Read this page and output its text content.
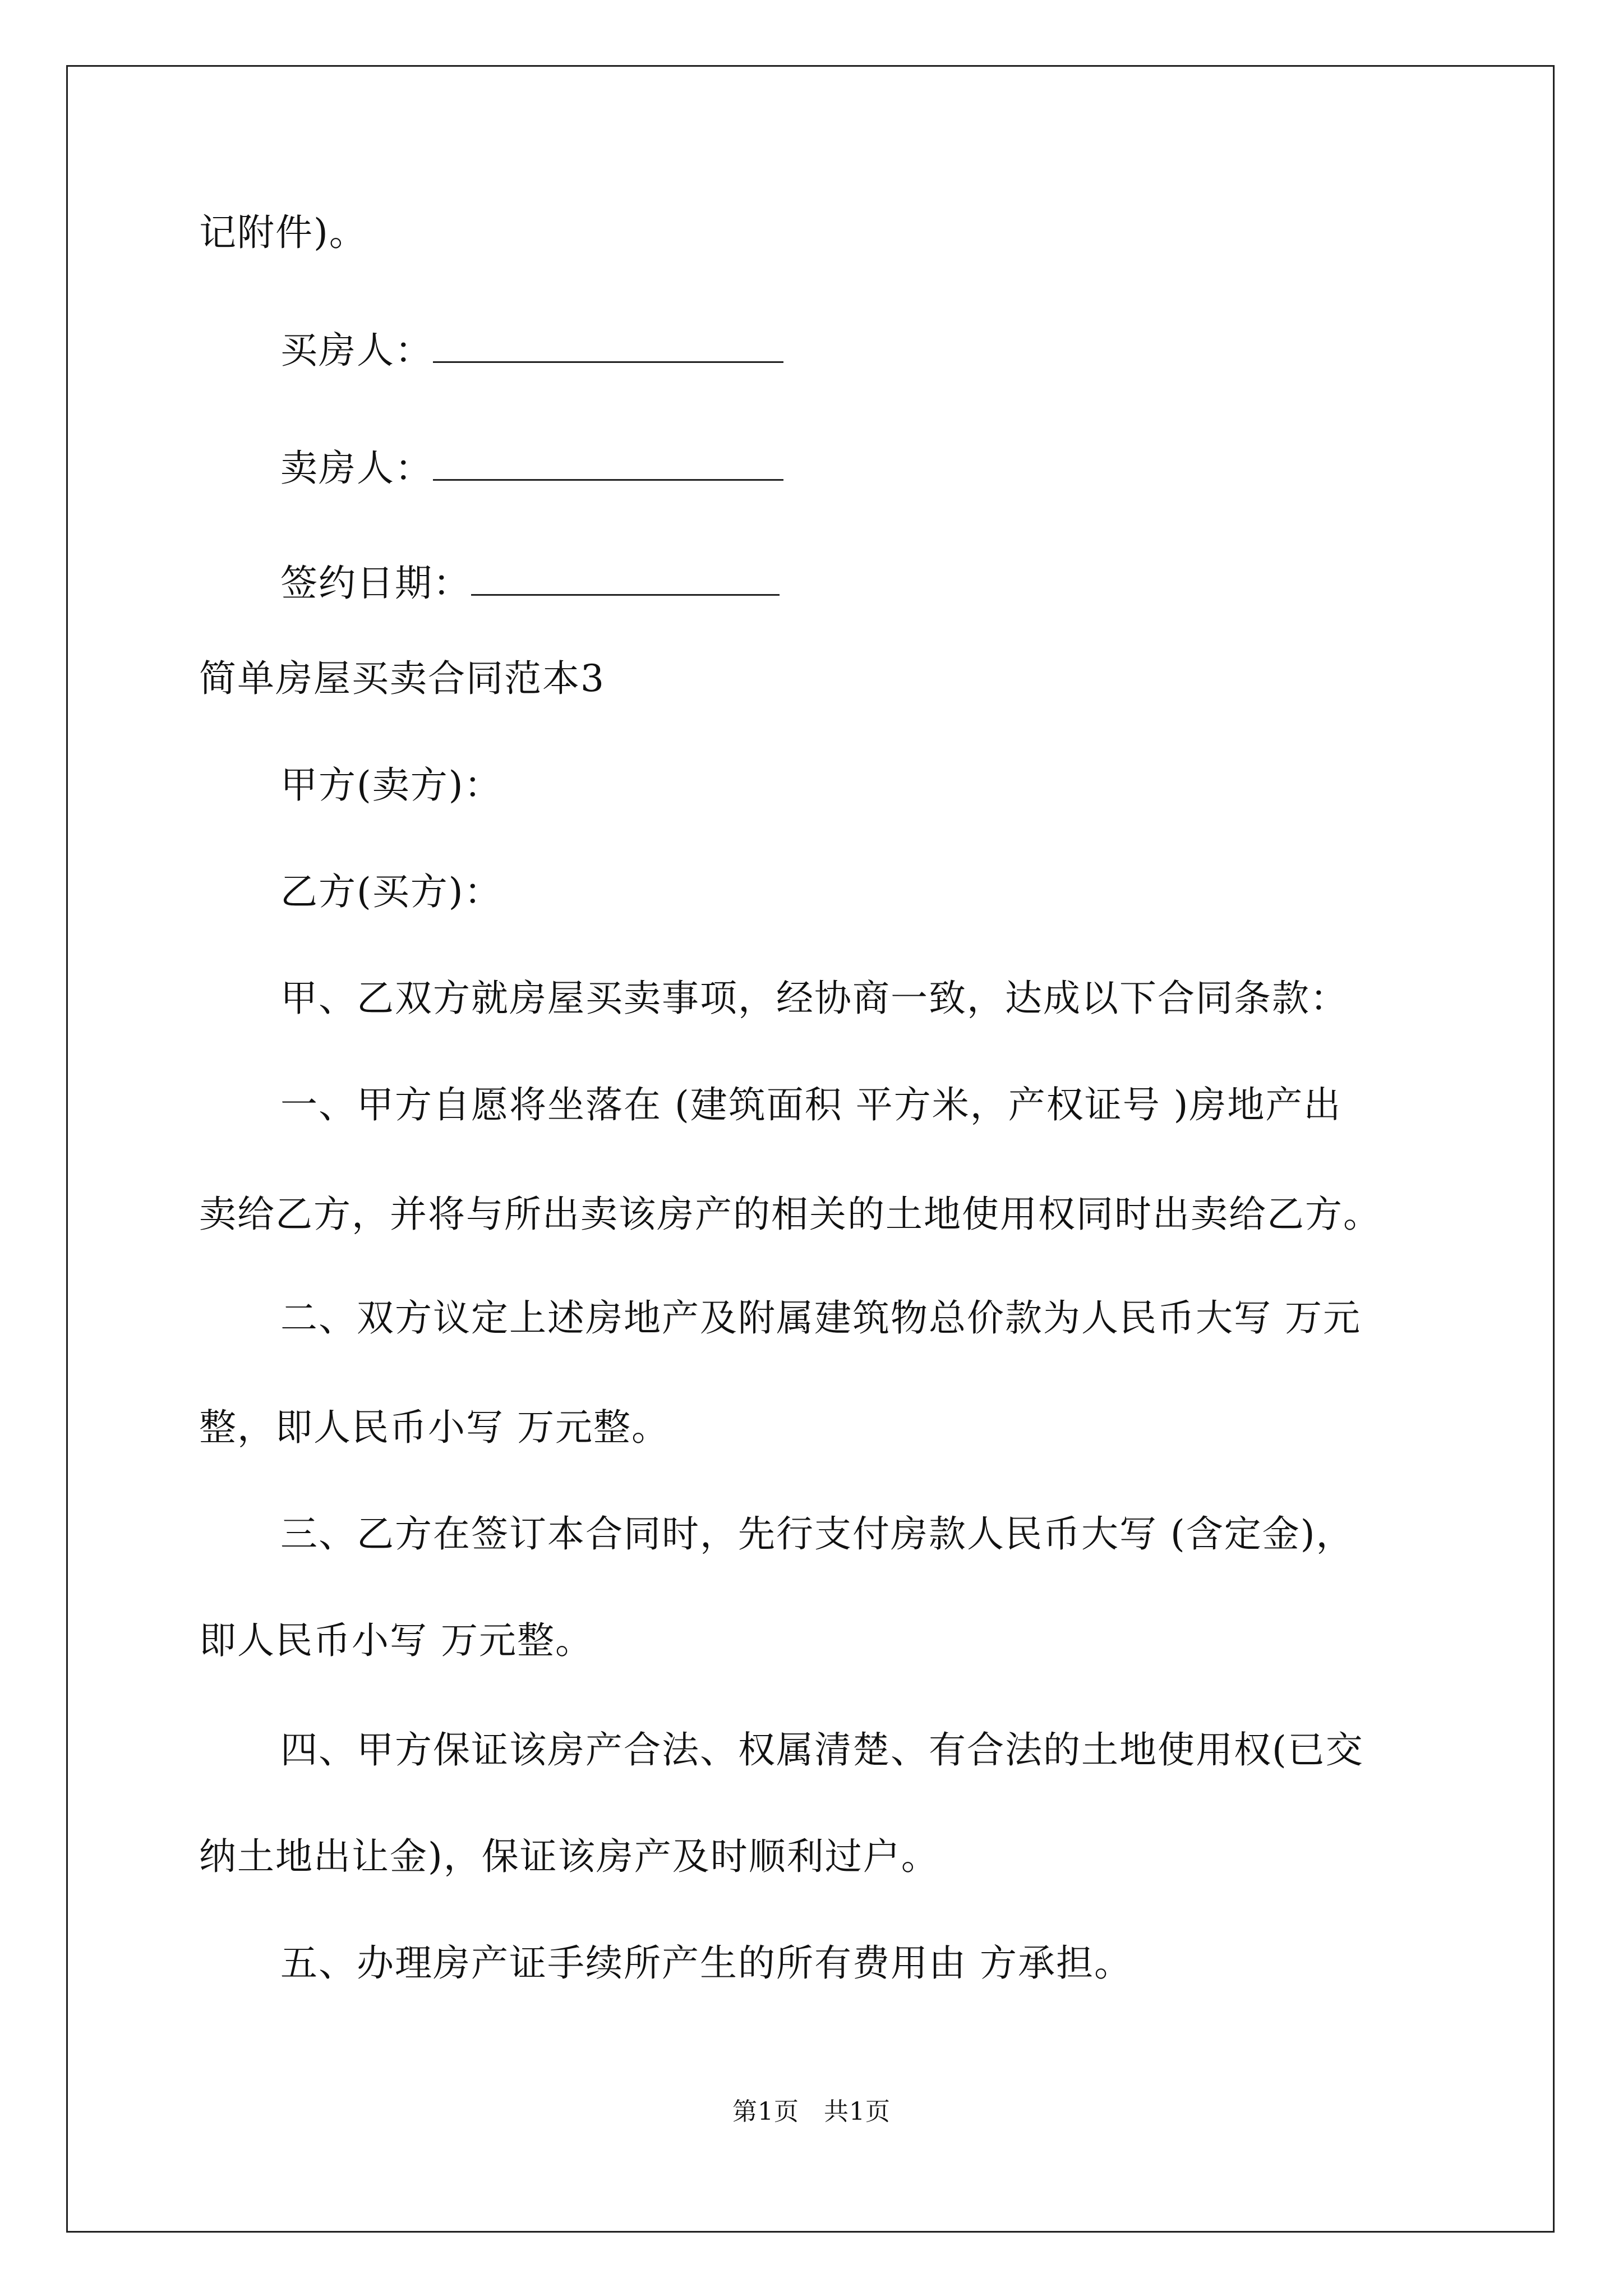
记附件)。
买房人：
卖房人：
签约日期：
简单房屋买卖合同范本3
甲方(卖方)：
乙方(买方)：
甲、乙双方就房屋买卖事项，经协商一致，达成以下合同条款：
一、甲方自愿将坐落在 (建筑面积 平方米，产权证号 )房地产出
卖给乙方，并将与所出卖该房产的相关的土地使用权同时出卖给乙方。
二、双方议定上述房地产及附属建筑物总价款为人民币大写 万元
整，即人民币小写 万元整。
三、乙方在签订本合同时，先行支付房款人民币大写 (含定金)，
即人民币小写 万元整。
四、甲方保证该房产合法、权属清楚、有合法的土地使用权(已交
纳土地出让金)，保证该房产及时顺利过户。
五、办理房产证手续所产生的所有费用由 方承担。
第1页 共1页
